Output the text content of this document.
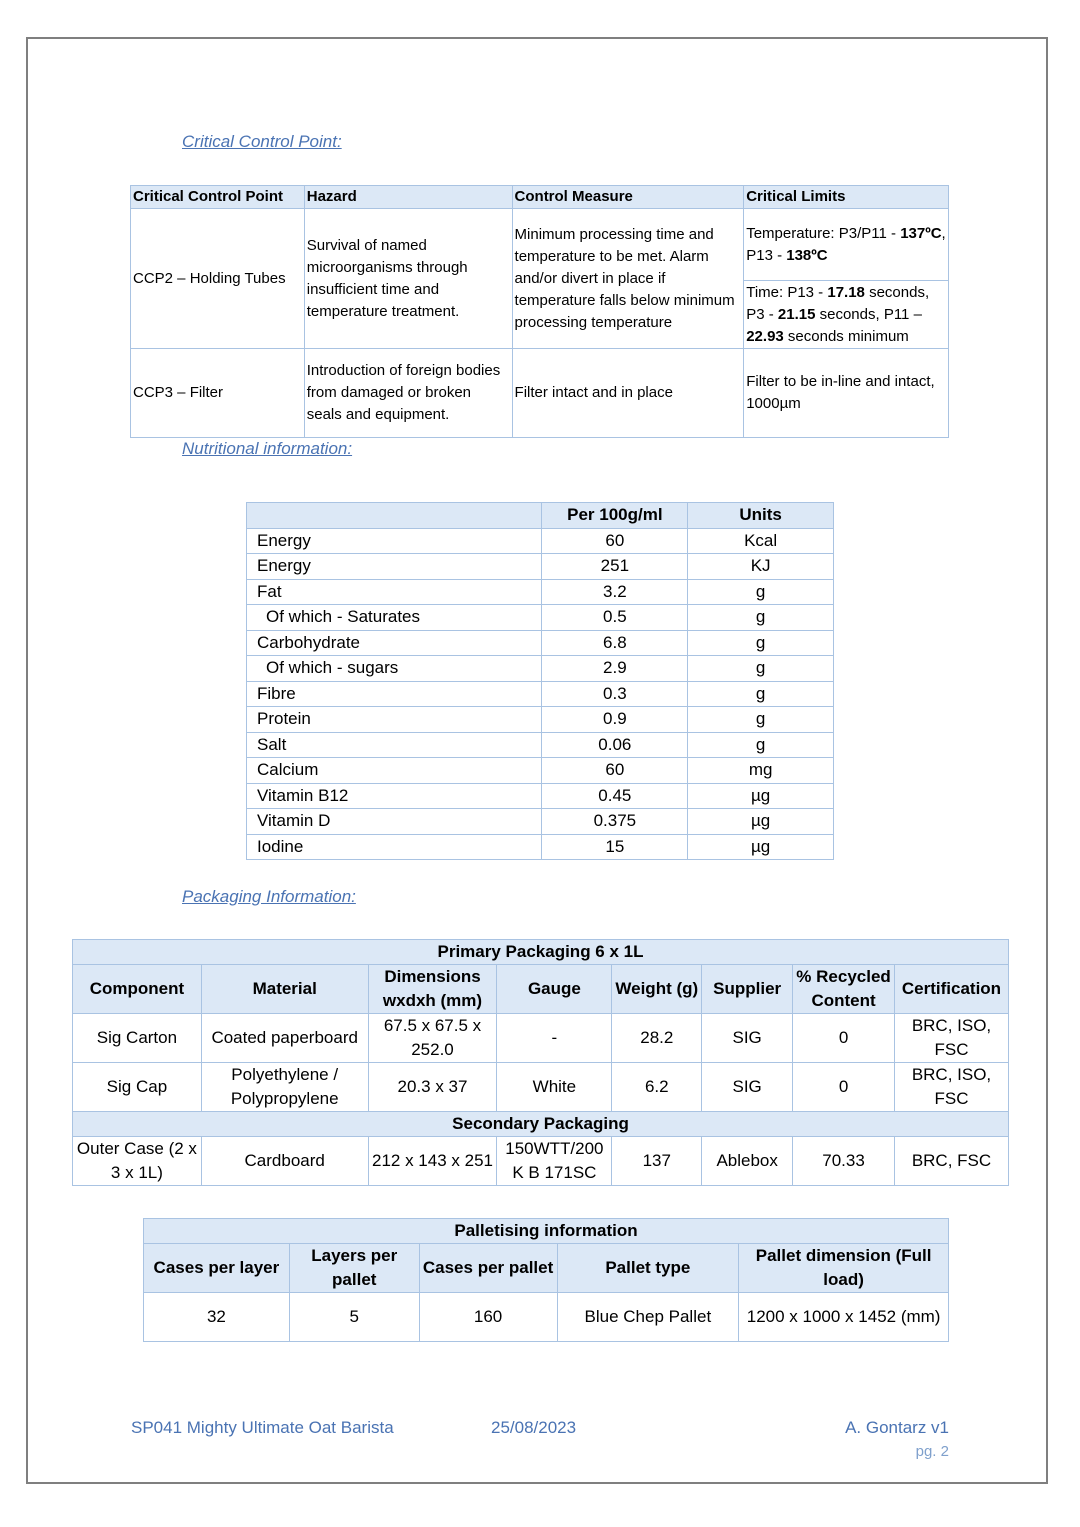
Critical Control Point:
Critical Control Point	Hazard	Control Measure	Critical Limits
CCP2 – Holding Tubes	Survival of named microorganisms through insufficient time and temperature treatment.	Minimum processing time and temperature to be met. Alarm and/or divert in place if temperature falls below minimum processing temperature	Temperature: P3/P11 - 137ºC, P13 - 138ºC
			Time: P13 - 17.18 seconds, P3 - 21.15 seconds, P11 – 22.93 seconds minimum
CCP3 – Filter	Introduction of foreign bodies from damaged or broken seals and equipment.	Filter intact and in place	Filter to be in-line and intact, 1000µm
Nutritional information:
	Per 100g/ml	Units
Energy	60	Kcal
Energy	251	KJ
Fat	3.2	g
Of which - Saturates	0.5	g
Carbohydrate	6.8	g
Of which - sugars	2.9	g
Fibre	0.3	g
Protein	0.9	g
Salt	0.06	g
Calcium	60	mg
Vitamin B12	0.45	µg
Vitamin D	0.375	µg
Iodine	15	µg
Packaging Information:
Primary Packaging 6 x 1L							
Component	Material	Dimensions wxdxh (mm)	Gauge	Weight (g)	Supplier	% Recycled Content	Certification
Sig Carton	Coated paperboard	67.5 x 67.5 x 252.0	-	28.2	SIG	0	BRC, ISO, FSC
Sig Cap	Polyethylene / Polypropylene	20.3 x 37	White	6.2	SIG	0	BRC, ISO, FSC
Secondary Packaging							
Outer Case (2 x 3 x 1L)	Cardboard	212 x 143 x 251	150WTT/200 K B 171SC	137	Ablebox	70.33	BRC, FSC
Palletising information				
Cases per layer	Layers per pallet	Cases per pallet	Pallet type	Pallet dimension (Full load)
32	5	160	Blue Chep Pallet	1200 x 1000 x 1452 (mm)
SP041 Mighty Ultimate Oat Barista	25/08/2023	A. Gontarz v1
pg. 2
